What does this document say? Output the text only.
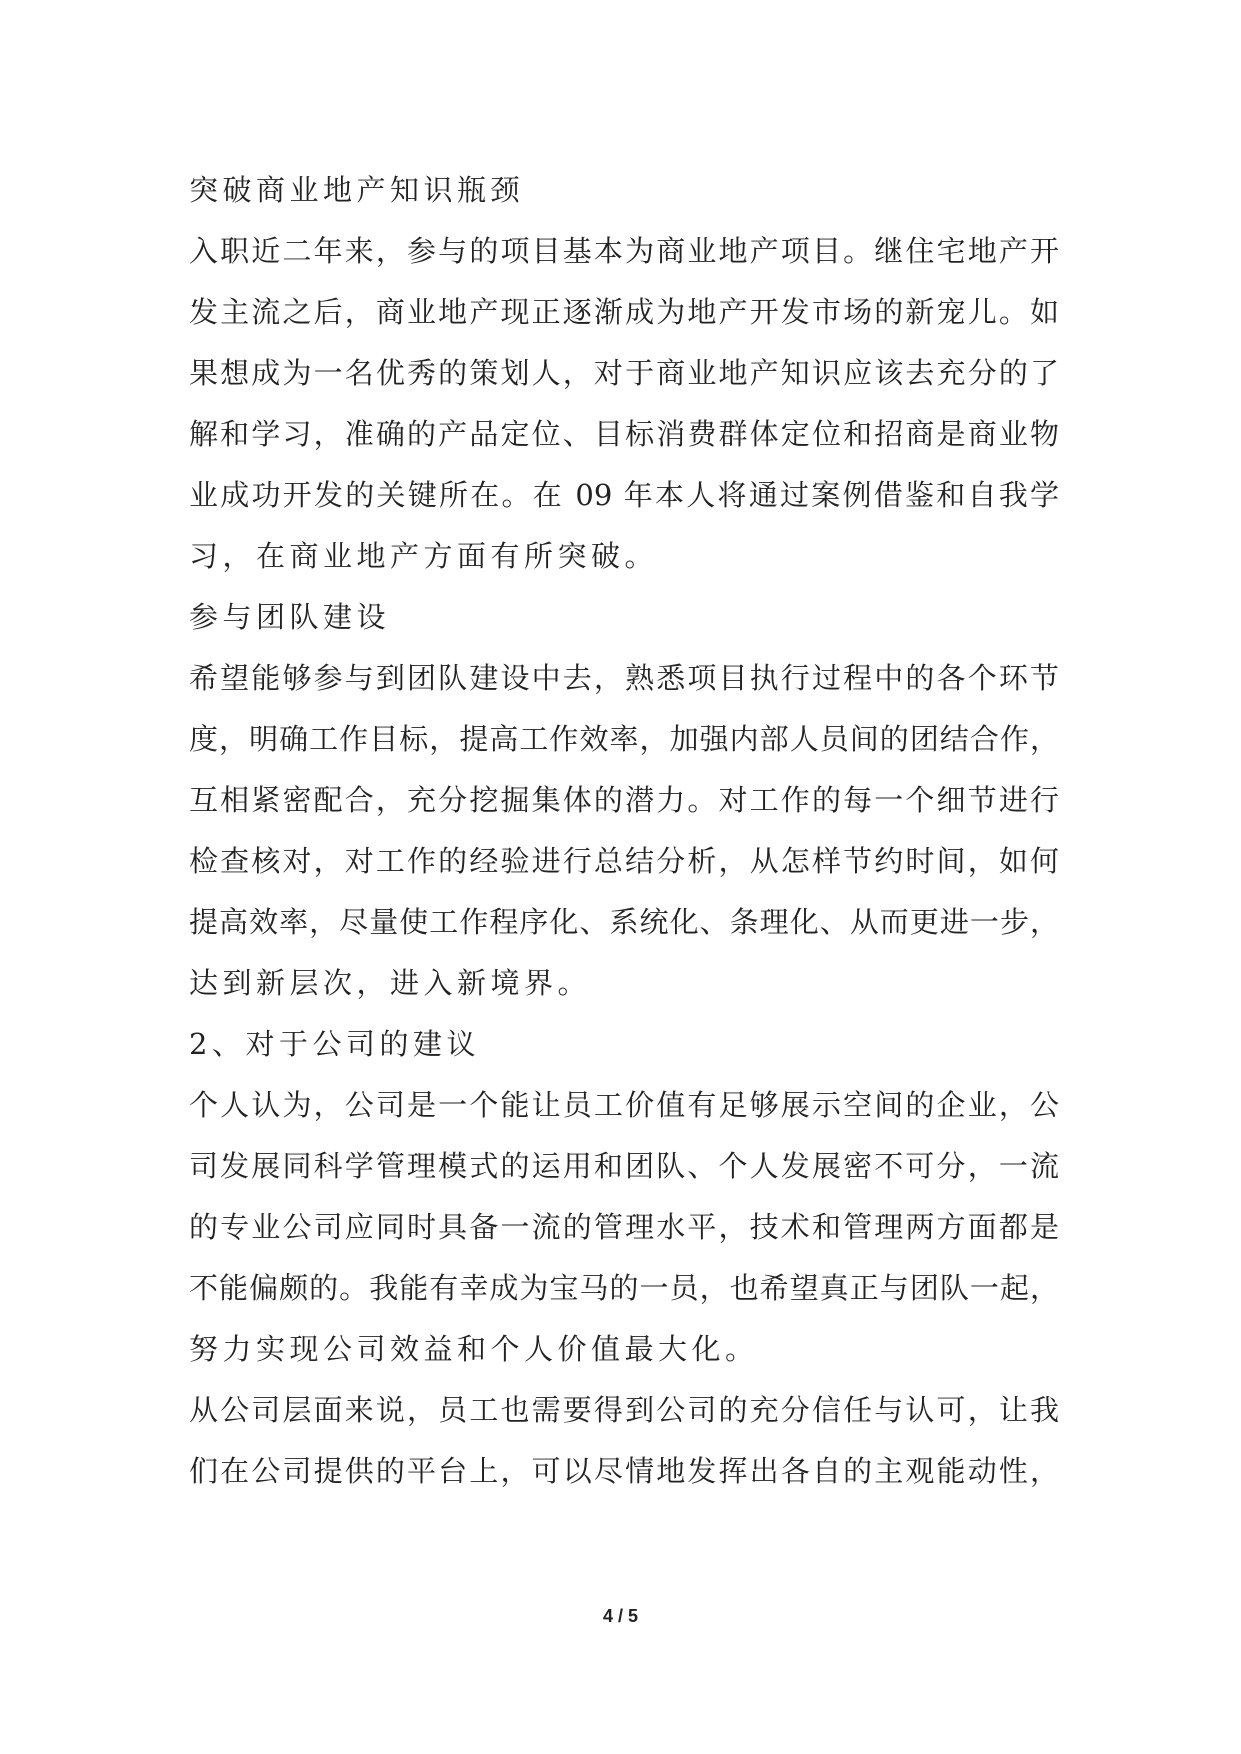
突破商业地产知识瓶颈
入职近二年来，参与的项目基本为商业地产项目。继住宅地产开
发主流之后，商业地产现正逐渐成为地产开发市场的新宠儿。如
果想成为一名优秀的策划人，对于商业地产知识应该去充分的了
解和学习，准确的产品定位、目标消费群体定位和招商是商业物
业成功开发的关键所在。在 09 年本人将通过案例借鉴和自我学
习，在商业地产方面有所突破。
参与团队建设
希望能够参与到团队建设中去，熟悉项目执行过程中的各个环节
度，明确工作目标，提高工作效率，加强内部人员间的团结合作，
互相紧密配合，充分挖掘集体的潜力。对工作的每一个细节进行
检查核对，对工作的经验进行总结分析，从怎样节约时间，如何
提高效率，尽量使工作程序化、系统化、条理化、从而更进一步，
达到新层次，进入新境界。
2、对于公司的建议
个人认为，公司是一个能让员工价值有足够展示空间的企业，公
司发展同科学管理模式的运用和团队、个人发展密不可分，一流
的专业公司应同时具备一流的管理水平，技术和管理两方面都是
不能偏颇的。我能有幸成为宝马的一员，也希望真正与团队一起，
努力实现公司效益和个人价值最大化。
从公司层面来说，员工也需要得到公司的充分信任与认可，让我
们在公司提供的平台上，可以尽情地发挥出各自的主观能动性，
4 / 5
